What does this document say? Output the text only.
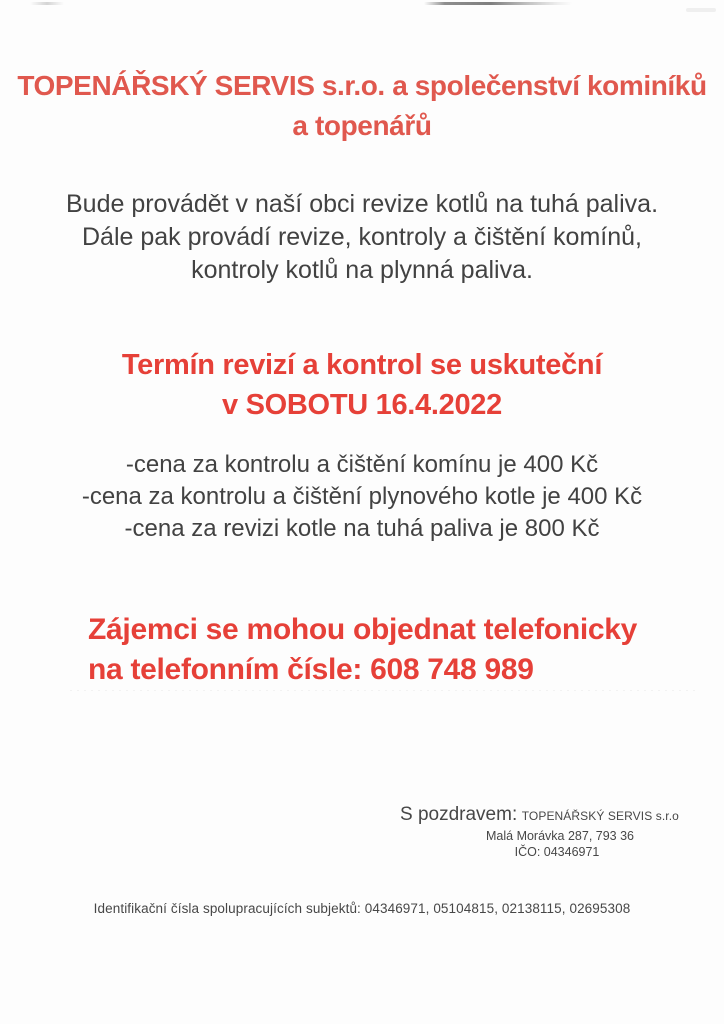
TOPENÁŘSKÝ SERVIS s.r.o. a společenství kominíků
a topenářů
Bude provádět v naší obci revize kotlů na tuhá paliva.
Dále pak provádí revize, kontroly a čištění komínů,
kontroly kotlů na plynná paliva.
Termín revizí a kontrol se uskuteční
v SOBOTU 16.4.2022
-cena za kontrolu a čištění komínu je 400 Kč
-cena za kontrolu a čištění plynového kotle je 400 Kč
-cena za revizi kotle na tuhá paliva je 800 Kč
Zájemci se mohou objednat telefonicky
na telefonním čísle: 608 748 989
S pozdravem: TOPENÁŘSKÝ SERVIS s.r.o
Malá Morávka 287, 793 36
IČO: 04346971
Identifikační čísla spolupracujících subjektů: 04346971, 05104815, 02138115, 02695308
